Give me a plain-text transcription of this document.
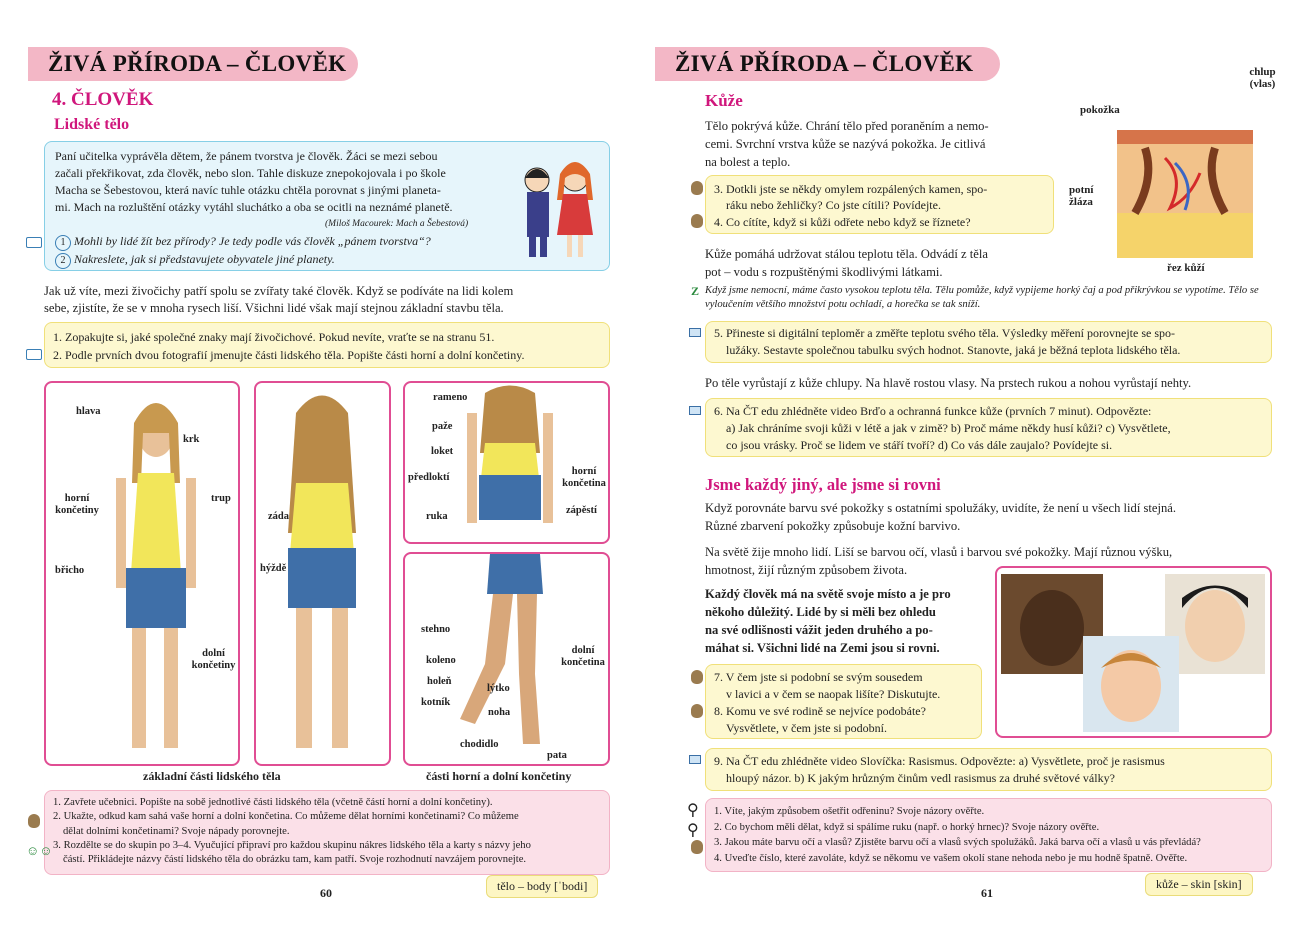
ŽIVÁ PŘÍRODA – ČLOVĚK
4. ČLOVĚK
Lidské tělo
Paní učitelka vyprávěla dětem, že pánem tvorstva je člověk. Žáci se mezi sebou
začali překřikovat, zda člověk, nebo slon. Tahle diskuze znepokojovala i po škole
Macha se Šebestovou, která navíc tuhle otázku chtěla porovnat s jinými planeta-
mi. Mach na rozluštění otázky vytáhl sluchátko a oba se ocitli na neznámé planetě.
(Miloš Macourek: Mach a Šebestová)
1 Mohli by lidé žít bez přírody? Je tedy podle vás člověk „pánem tvorstva“?
2 Nakreslete, jak si představujete obyvatele jiné planety.
Jak už víte, mezi živočichy patří spolu se zvířaty také člověk. Když se podíváte na lidi kolem
sebe, zjistíte, že se v mnoha rysech liší. Všichni lidé však mají stejnou základní stavbu těla.
1. Zopakujte si, jaké společné znaky mají živočichové. Pokud nevíte, vraťte se na stranu 51.
2. Podle prvních dvou fotografií jmenujte části lidského těla. Popište části horní a dolní končetiny.
hlava
krk
trup
horní končetiny
břicho
dolní končetiny
záda
hýždě
rameno
paže
loket
předloktí
ruka
horní končetina
zápěstí
stehno
koleno
holeň
kotník
lýtko
noha
chodidlo
dolní končetina
pata
základní části lidského těla	části horní a dolní končetiny
1. Zavřete učebnici. Popište na sobě jednotlivé části lidského těla (včetně částí horní a dolní končetiny).
2. Ukažte, odkud kam sahá vaše horní a dolní končetina. Co můžeme dělat horními končetinami? Co můžeme
dělat dolními končetinami? Svoje nápady porovnejte.
3. Rozdělte se do skupin po 3–4. Vyučující připraví pro každou skupinu nákres lidského těla a karty s názvy jeho
částí. Přikládejte názvy částí lidského těla do obrázku tam, kam patří. Svoje rozhodnutí navzájem porovnejte.
☺☺
tělo – body [ˈbodi]
60
ŽIVÁ PŘÍRODA – ČLOVĚK
Kůže
Tělo pokrývá kůže. Chrání tělo před poraněním a nemo-
cemi. Svrchní vrstva kůže se nazývá pokožka. Je citlivá
na bolest a teplo.
3. Dotkli jste se někdy omylem rozpálených kamen, spo-
ráku nebo žehličky? Co jste cítili? Povídejte.
4. Co cítíte, když si kůži odřete nebo když se říznete?
Kůže pomáhá udržovat stálou teplotu těla. Odvádí z těla
pot – vodu s rozpuštěnými škodlivými látkami.
chlup (vlas)
pokožka
potní žláza
řez kůží
Když jsme nemocní, máme často vysokou teplotu těla. Tělu pomůže, když vypijeme horký čaj a pod přikrývkou se vypotíme. Tělo se vyloučením většího množství potu ochladí, a horečka se tak sníží.
Z
5. Přineste si digitální teploměr a změřte teplotu svého těla. Výsledky měření porovnejte se spo-
lužáky. Sestavte společnou tabulku svých hodnot. Stanovte, jaká je běžná teplota lidského těla.
Po těle vyrůstají z kůže chlupy. Na hlavě rostou vlasy. Na prstech rukou a nohou vyrůstají nehty.
6. Na ČT edu zhlédněte video Brďo a ochranná funkce kůže (prvních 7 minut). Odpovězte:
a) Jak chráníme svoji kůži v létě a jak v zimě? b) Proč máme někdy husí kůži? c) Vysvětlete,
co jsou vrásky. Proč se lidem ve stáří tvoří? d) Co vás dále zaujalo? Povídejte si.
Jsme každý jiný, ale jsme si rovni
Když porovnáte barvu své pokožky s ostatními spolužáky, uvidíte, že není u všech lidí stejná.
Různé zbarvení pokožky způsobuje kožní barvivo.
Na světě žije mnoho lidí. Liší se barvou očí, vlasů i barvou své pokožky. Mají různou výšku,
hmotnost, žijí různým způsobem života.
Každý člověk má na světě svoje místo a je pro
někoho důležitý. Lidé by si měli bez ohledu
na své odlišnosti vážit jeden druhého a po-
máhat si. Všichni lidé na Zemi jsou si rovni.
7. V čem jste si podobní se svým sousedem
v lavici a v čem se naopak lišíte? Diskutujte.
8. Komu ve své rodině se nejvíce podobáte?
Vysvětlete, v čem jste si podobní.
9. Na ČT edu zhlédněte video Slovíčka: Rasismus. Odpovězte: a) Vysvětlete, proč je rasismus
hloupý názor. b) K jakým hrůzným činům vedl rasismus za druhé světové války?
1. Víte, jakým způsobem ošetřit odřeninu? Svoje názory ověřte.
2. Co bychom měli dělat, když si spálíme ruku (např. o horký hrnec)? Svoje názory ověřte.
3. Jakou máte barvu očí a vlasů? Zjistěte barvu očí a vlasů svých spolužáků. Jaká barva očí a vlasů u vás převládá?
4. Uveďte číslo, které zavoláte, když se někomu ve vašem okolí stane nehoda nebo je mu hodně špatně. Ověřte.
⚲
⚲
kůže – skin [skin]
61
